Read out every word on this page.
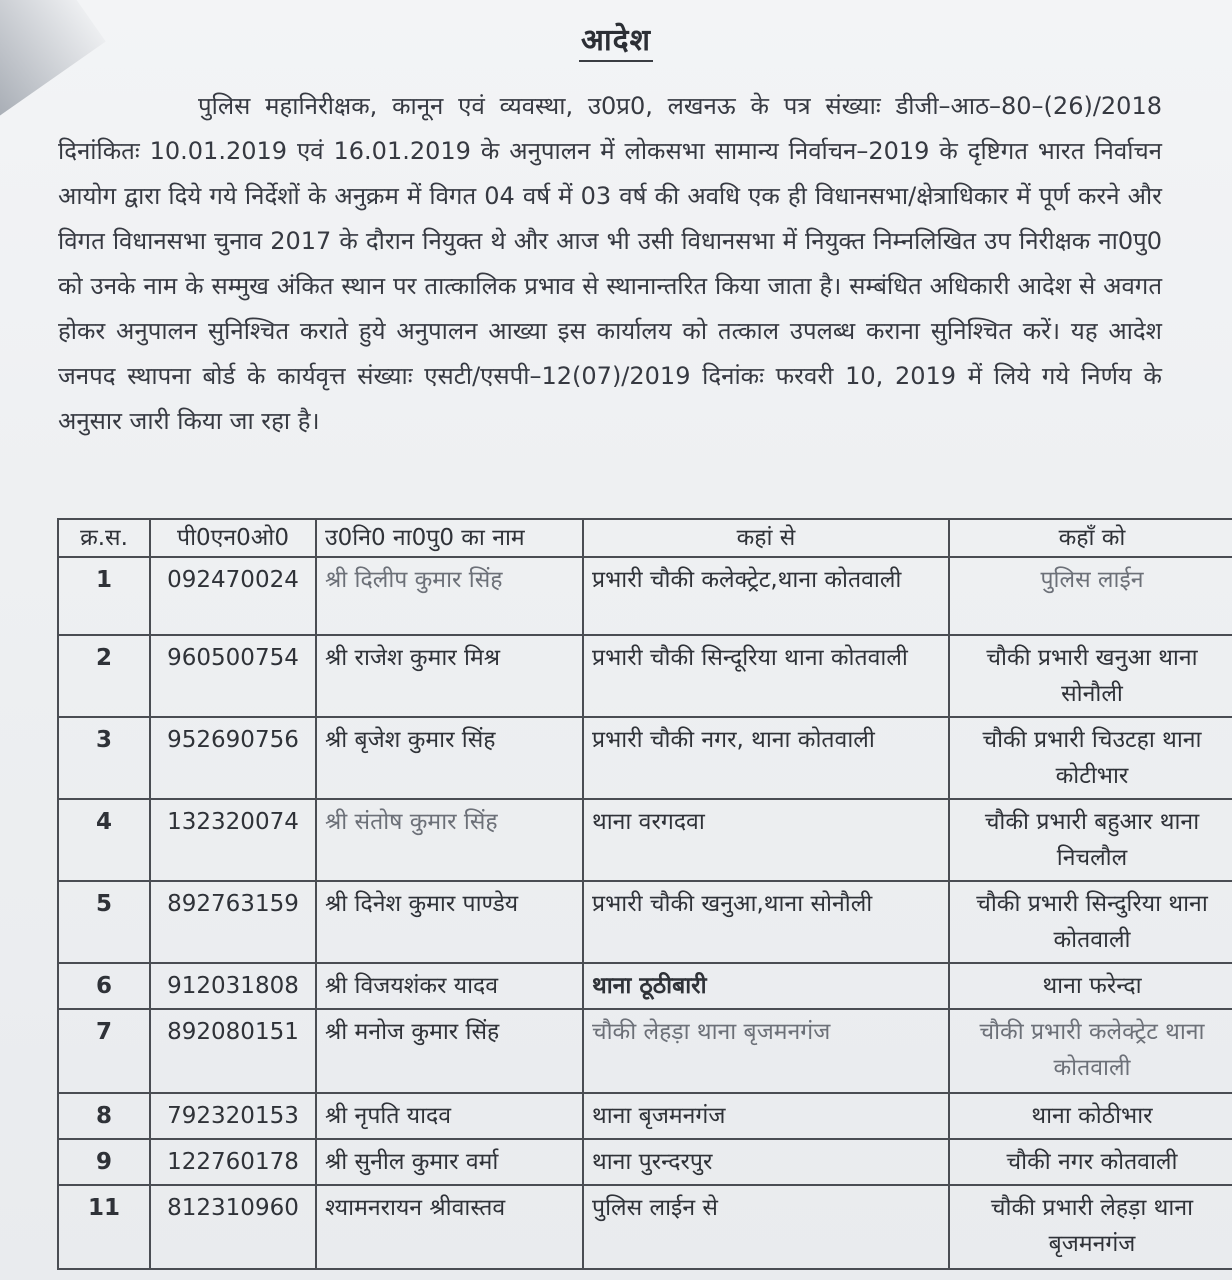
आदेश
पुलिस महानिरीक्षक, कानून एवं व्यवस्था, उ0प्र0, लखनऊ के पत्र संख्याः डीजी–आठ–80–(26)/2018 दिनांकितः 10.01.2019 एवं 16.01.2019 के अनुपालन में लोकसभा सामान्य निर्वाचन–2019 के दृष्टिगत भारत निर्वाचन आयोग द्वारा दिये गये निर्देशों के अनुक्रम में विगत 04 वर्ष में 03 वर्ष की अवधि एक ही विधानसभा/क्षेत्राधिकार में पूर्ण करने और विगत विधानसभा चुनाव 2017 के दौरान नियुक्त थे और आज भी उसी विधानसभा में नियुक्त निम्नलिखित उप निरीक्षक ना0पु0 को उनके नाम के सम्मुख अंकित स्थान पर तात्कालिक प्रभाव से स्थानान्तरित किया जाता है। सम्बंधित अधिकारी आदेश से अवगत होकर अनुपालन सुनिश्चित कराते हुये अनुपालन आख्या इस कार्यालय को तत्काल उपलब्ध कराना सुनिश्चित करें। यह आदेश जनपद स्थापना बोर्ड के कार्यवृत्त संख्याः एसटी/एसपी–12(07)/2019 दिनांकः फरवरी 10, 2019 में लिये गये निर्णय के अनुसार जारी किया जा रहा है।
क्र.स.	पी0एन0ओ0	उ0नि0 ना0पु0 का नाम	कहां से	कहॉं को
1	092470024	श्री दिलीप कुमार सिंह	प्रभारी चौकी कलेक्ट्रेट,थाना कोतवाली	पुलिस लाईन
2	960500754	श्री राजेश कुमार मिश्र	प्रभारी चौकी सिन्दूरिया थाना कोतवाली	चौकी प्रभारी खनुआ थाना सोनौली
3	952690756	श्री बृजेश कुमार सिंह	प्रभारी चौकी नगर, थाना कोतवाली	चौकी प्रभारी चिउटहा थाना कोटीभार
4	132320074	श्री संतोष कुमार सिंह	थाना वरगदवा	चौकी प्रभारी बहुआर थाना निचलौल
5	892763159	श्री दिनेश कुमार पाण्डेय	प्रभारी चौकी खनुआ,थाना सोनौली	चौकी प्रभारी सिन्दुरिया थाना कोतवाली
6	912031808	श्री विजयशंकर यादव	थाना ठूठीबारी	थाना फरेन्दा
7	892080151	श्री मनोज कुमार सिंह	चौकी लेहड़ा थाना बृजमनगंज	चौकी प्रभारी कलेक्ट्रेट थाना कोतवाली
8	792320153	श्री नृपति यादव	थाना बृजमनगंज	थाना कोठीभार
9	122760178	श्री सुनील कुमार वर्मा	थाना पुरन्दरपुर	चौकी नगर कोतवाली
11	812310960	श्यामनरायन श्रीवास्तव	पुलिस लाईन से	चौकी प्रभारी लेहड़ा थाना बृजमनगंज
